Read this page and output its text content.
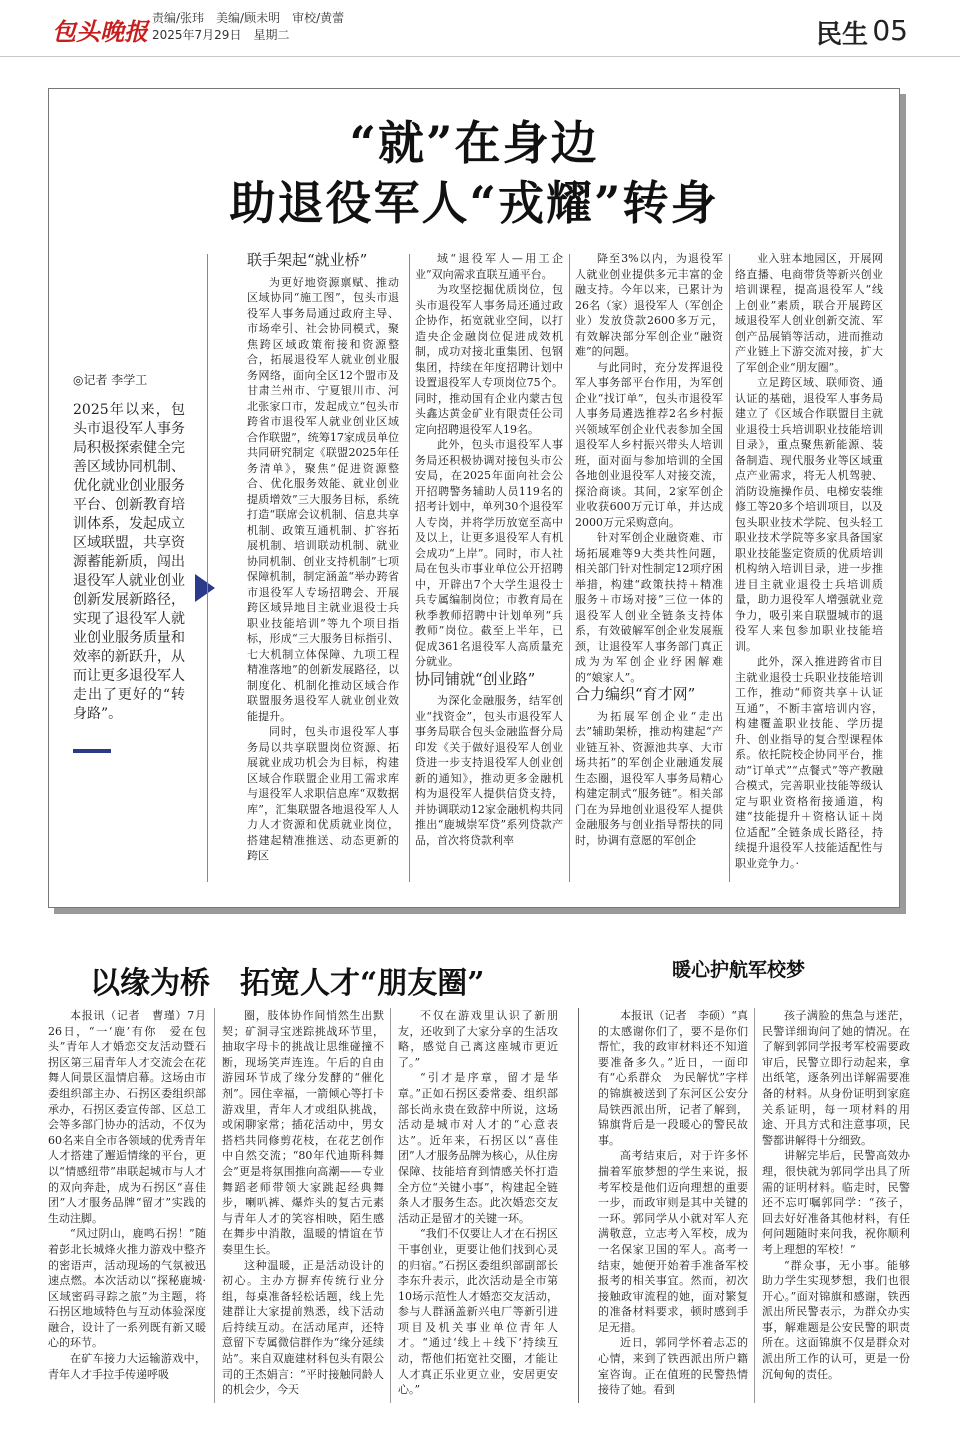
包头晚报 责编/张玮　美编/顾未明　审校/黄蕾
2025年7月29日　星期二	民生 05
“就”在身边
助退役军人“戎耀”转身
◎记者 李学工
2025年以来，包头市退役军人事务局积极探索健全完善区域协同机制、优化就业创业服务平台、创新教育培训体系，发起成立区域联盟，共享资源蓄能新质，闯出退役军人就业创业创新发展新路径，实现了退役军人就业创业服务质量和效率的新跃升，从而让更多退役军人走出了更好的“转身路”。
联手架起“就业桥”

为更好地资源禀赋、推动区域协同“施工图”，包头市退役军人事务局通过政府主导、市场牵引、社会协同模式，聚焦跨区域政策衔接和资源整合，拓展退役军人就业创业服务网络，面向全区12个盟市及甘肃兰州市、宁夏银川市、河北张家口市，发起成立“包头市跨省市退役军人就业创业区域合作联盟”，统筹17家成员单位共同研究制定《联盟2025年任务清单》，聚焦“促进资源整合、优化服务效能、就业创业提质增效”三大服务目标，系统打造“联席会议机制、信息共享机制、政策互通机制、扩容拓展机制、培训联动机制、就业协同机制、创业支持机制”七项保障机制，制定涵盖“举办跨省市退役军人专场招聘会、开展跨区域异地目主就业退役士兵职业技能培训”等九个项目指标，形成“三大服务目标指引、七大机制立体保障、九项工程精准落地”的创新发展路径，以制度化、机制化推动区域合作联盟服务退役军人就业创业效能提升。

同时，包头市退役军人事务局以共享联盟岗位资源、拓展就业成功机会为目标，构建区域合作联盟企业用工需求库与退役军人求职信息库“双数据库”，汇集联盟各地退役军人人力人才资源和优质就业岗位，搭建起精准推送、动态更新的跨区

域“退役军人—用工企业”双向需求直联互通平台。

为攻坚挖掘优质岗位，包头市退役军人事务局还通过政企协作，拓宽就业空间，以打造央企金融岗位促进成效机制，成功对接北重集团、包钢集团，持续在年度招聘计划中设置退役军人专项岗位75个。同时，推动国有企业内蒙古包头鑫达黄金矿业有限责任公司定向招聘退役军人19名。

此外，包头市退役军人事务局还积极协调对接包头市公安局，在2025年面向社会公开招聘警务辅助人员119名的招考计划中，单列30个退役军人专岗，并将学历放宽至高中及以上，让更多退役军人有机会成功“上岸”。同时，市人社局在包头市事业单位公开招聘中，开辟出7个大学生退役士兵专属编制岗位；市教育局在秋季教师招聘中计划单列“兵教师”岗位。截至上半年，已促成361名退役军人高质量充分就业。

协同铺就“创业路”

为深化金融服务，结军创业“找资金”，包头市退役军人事务局联合包头金融监督分局印发《关于做好退役军人创业贷进一步支持退役军人创业创新的通知》，推动更多金融机构为退役军人提供信贷支持，并协调联动12家金融机构共同推出“鹿城崇军贷”系列贷款产品，首次将贷款利率

降至3%以内，为退役军人就业创业提供多元丰富的金融支持。今年以来，已累计为26名（家）退役军人（军创企业）发放贷款2600多万元，有效解决部分军创企业“融资难”的问题。

与此同时，充分发挥退役军人事务部平台作用，为军创企业“找订单”，包头市退役军人事务局遴选推荐2名乡村振兴领域军创企业代表参加全国退役军人乡村振兴带头人培训班，面对面与参加培训的全国各地创业退役军人对接交流，探洽商谈。其间，2家军创企业收获600万元订单，并达成2000万元采购意向。

针对军创企业融资难、市场拓展难等9大类共性问题，相关部门针对性制定12项疗困举措，构建“政策扶持＋精准服务＋市场对接”三位一体的退役军人创业全链条支持体系，有效破解军创企业发展瓶颈，让退役军人事务部门真正成为为军创企业纾困解难的“娘家人”。

合力编织“育才网”

为拓展军创企业“走出去”辅助架桥，推动构建起“产业链互补、资源池共享、大市场共拓”的军创企业融通发展生态圈，退役军人事务局精心构建定制式“服务链”。相关部门在为异地创业退役军人提供金融服务与创业指导帮扶的同时，协调有意愿的军创企

业入驻本地园区，开展网络直播、电商带货等新兴创业培训课程，提高退役军人“线上创业”素质，联合开展跨区域退役军人创业创新交流、军创产品展销等活动，进而推动产业链上下游交流对接，扩大了军创企业“朋友圈”。

立足跨区域、联师资、通认证的基础，退役军人事务局建立了《区域合作联盟目主就业退役士兵培训职业技能培训目录》，重点聚焦新能源、装备制造、现代服务业等区域重点产业需求，将无人机驾驶、消防设施操作员、电梯安装维修工等20多个培训项目，以及包头职业技术学院、包头轻工职业技术学院等多家具备国家职业技能鉴定资质的优质培训机构纳入培训目录，进一步推进目主就业退役士兵培训质量，助力退役军人增强就业竞争力，吸引来自联盟城市的退役军人来包参加职业技能培训。

此外，深入推进跨省市目主就业退役士兵职业技能培训工作，推动“师资共享＋认证互通”，不断丰富培训内容，构建覆盖职业技能、学历提升、创业指导的复合型课程体系。依托院校企协同平台，推动“订单式”“点餐式”等产教融合模式，完善职业技能等级认定与职业资格衔接通道，构建“技能提升＋资格认证＋岗位适配”全链条成长路径，持续提升退役军人技能适配性与职业竞争力。·

以缘为桥　拓宽人才“朋友圈”	暖心护航军校梦

本报讯（记者　曹瑾）7月26日，“一‘鹿’有你　爱在包头”青年人才婚恋交友活动暨石拐区第三届青年人才交流会在花舞人间景区温情启幕。这场由市委组织部主办、石拐区委组织部承办，石拐区委宣传部、区总工会等多部门协办的活动，不仅为60名来自全市各领域的优秀青年人才搭建了邂逅情缘的平台，更以“情感纽带”串联起城市与人才的双向奔赴，成为石拐区“喜佳团”人才服务品牌“留才”实践的生动注脚。

“风过阴山，鹿鸣石拐！”随着彭北长城烽火推力游戏中整齐的密语声，活动现场的气氛被迅速点燃。本次活动以“探秘鹿城·区域密码寻踪之旅”为主题，将石拐区地域特色与互动体验深度融合，设计了一系列既有新又暖心的环节。

在矿车接力大运输游戏中，青年人才手拉手传递呼吸

圈，肢体协作间悄然生出默契；矿洞寻宝迷踪挑战环节里，抽取字母卡的挑战让思维碰撞不断，现场笑声连连。午后的自由游园环节成了缘分发酵的“催化剂”。园住幸福，一箭倾心等打卡游戏里，青年人才或组队挑战，或闲聊家常；插花活动中，男女搭档共同修剪花枝，在花艺创作中自然交流；“80年代迪斯科舞会”更是将氛围推向高潮——专业舞蹈老师带领大家跳起经典舞步，喇叭裤、爆炸头的复古元素与青年人才的笑容相映，陌生感在舞步中消散，温暖的情谊在节奏里生长。

这种温暖，正是活动设计的初心。主办方摒弃传统行业分组，每桌准备轻松话题，线上先建群让大家提前熟悉，线下活动后持续互动。在活动尾声，还特意留下专属微信群作为“缘分延续站”。来自双鹿建材科包头有限公司的王杰娟言：“平时接触同龄人的机会少，今天

不仅在游戏里认识了新朋友，还收到了大家分享的生活攻略，感觉自己离这座城市更近了。”

“引才是序章，留才是华章。”正如石拐区委常委、组织部部长尚永贵在致辞中所说，这场活动是城市对人才的“心意表达”。近年来，石拐区以“喜佳团”人才服务品牌为核心，从住房保障、技能培育到情感关怀打造全方位“关键小事”，构建起全链条人才服务生态。此次婚恋交友活动正是留才的关键一环。

“我们不仅要让人才在石拐区干事创业，更要让他们找到心灵的归宿。”石拐区委组织部副部长李东升表示，此次活动是全市第10场示范性人才婚恋交友活动，参与人群涵盖新兴电厂等新引进项目及机关事业单位青年人才。“通过‘线上＋线下’持续互动，帮他们拓宽社交圈，才能让人才真正乐业更立业，安居更安心。”

本报讯（记者　李硕）“真的太感谢你们了，要不是你们帮忙，我的政审材料还不知道要准备多久。”近日，一面印有“心系群众　为民解忧”字样的锦旗被送到了东河区公安分局铁西派出所，记者了解到，锦旗背后是一段暖心的警民故事。

高考结束后，对于许多怀揣着军旅梦想的学生来说，报考军校是他们迈向理想的重要一步，而政审则是其中关键的一环。郭同学从小就对军人充满敬意，立志考入军校，成为一名保家卫国的军人。高考一结束，她便开始着手准备军校报考的相关事宜。然而，初次接触政审流程的她，面对繁复的准备材料要求，顿时感到手足无措。

近日，郭同学怀着忐忑的心情，来到了铁西派出所户籍室咨询。正在值班的民警热情接待了她。看到

孩子满脸的焦急与迷茫，民警详细询问了她的情况。在了解到郭同学报考军校需要政审后，民警立即行动起来，拿出纸笔，逐条列出详解需要准备的材料。从身份证明到家庭关系证明，每一项材料的用途、开具方式和注意事项，民警都讲解得十分细致。

讲解完毕后，民警高效办理，很快就为郭同学出具了所需的证明材料。临走时，民警还不忘叮嘱郭同学：“孩子，回去好好准备其他材料，有任何问题随时来问我，祝你顺利考上理想的军校！”

“群众事，无小事。能够助力学生实现梦想，我们也很开心。”面对锦旗和感谢，铁西派出所民警表示，为群众办实事，解难题是公安民警的职责所在。这面锦旗不仅是群众对派出所工作的认可，更是一份沉甸甸的责任。
